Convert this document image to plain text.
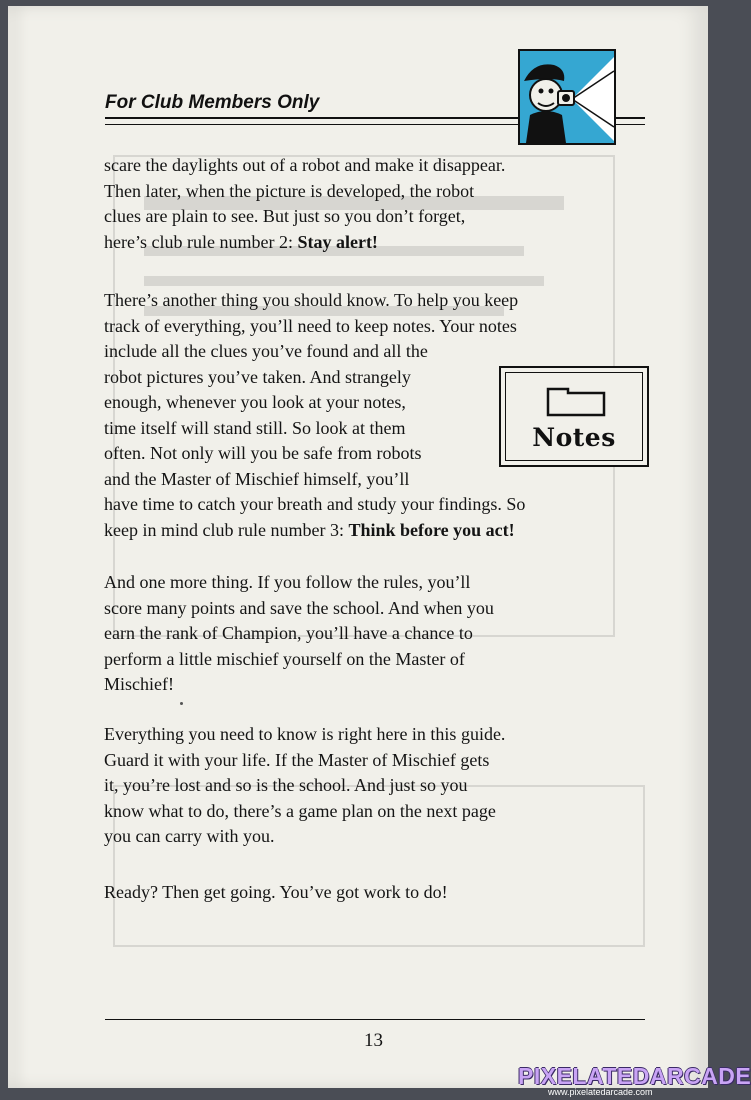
For Club Members Only
scare the daylights out of a robot and make it disappear.
Then later, when the picture is developed, the robot
clues are plain to see. But just so you don’t forget,
here’s club rule number 2: Stay alert!
There’s another thing you should know. To help you keep
track of everything, you’ll need to keep notes. Your notes
include all the clues you’ve found and all the
robot pictures you’ve taken. And strangely
enough, whenever you look at your notes,
time itself will stand still. So look at them
often. Not only will you be safe from robots
and the Master of Mischief himself, you’ll
have time to catch your breath and study your findings. So
keep in mind club rule number 3: Think before you act!
Notes
And one more thing. If you follow the rules, you’ll
score many points and save the school. And when you
earn the rank of Champion, you’ll have a chance to
perform a little mischief yourself on the Master of
Mischief!
Everything you need to know is right here in this guide.
Guard it with your life. If the Master of Mischief gets
it, you’re lost and so is the school. And just so you
know what to do, there’s a game plan on the next page
you can carry with you.
Ready? Then get going. You’ve got work to do!
13
PIXELATEDARCADE
www.pixelatedarcade.com
